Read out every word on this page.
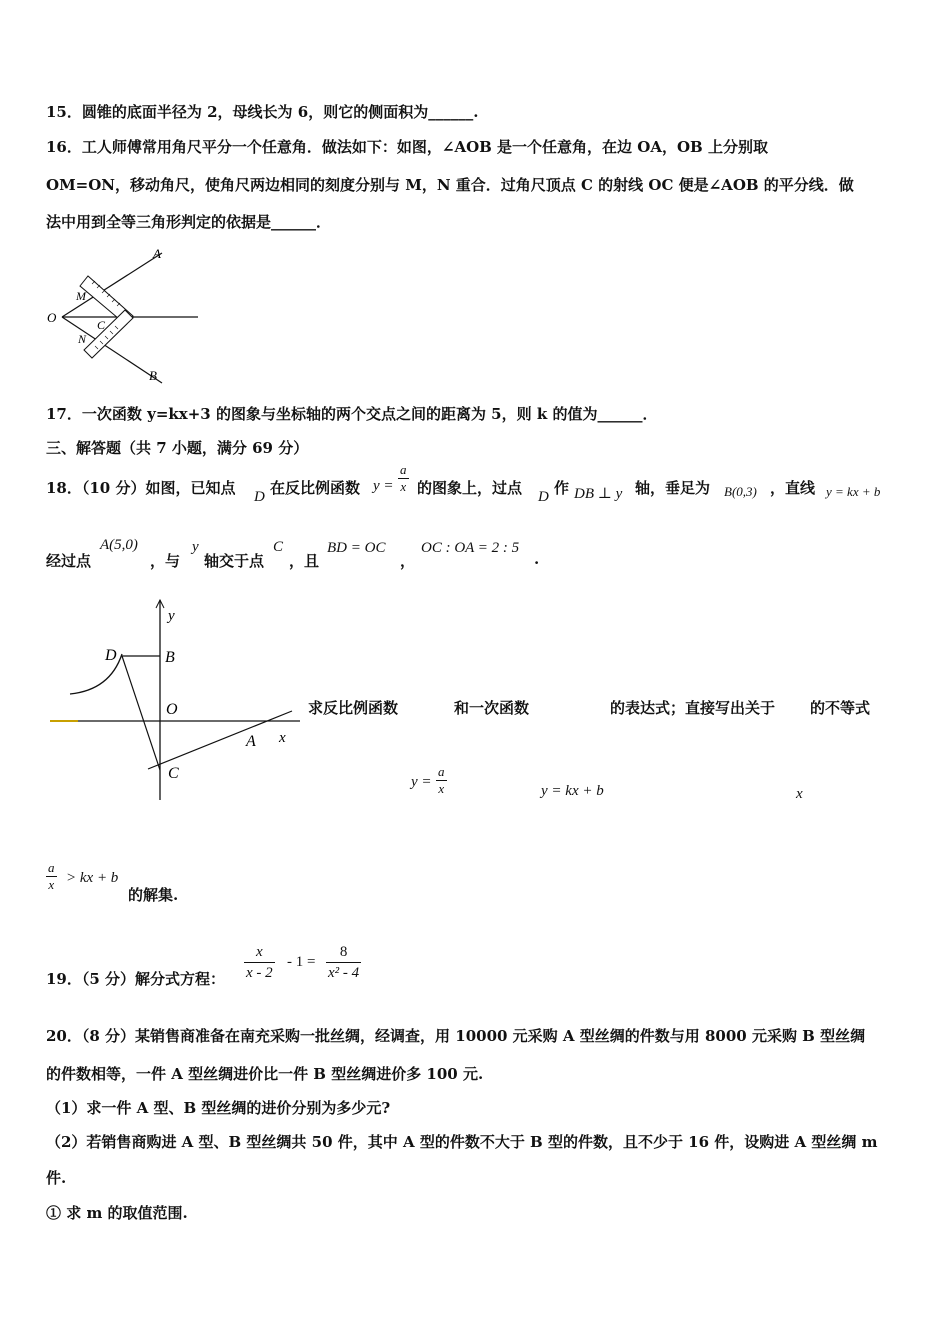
15．圆锥的底面半径为 2，母线长为 6，则它的侧面积为______.
16．工人师傅常用角尺平分一个任意角．做法如下：如图，∠AOB 是一个任意角，在边 OA，OB 上分别取
OM=ON，移动角尺，使角尺两边相同的刻度分别与 M，N 重合．过角尺顶点 C 的射线 OC 便是∠AOB 的平分线．做
法中用到全等三角形判定的依据是______．
A
B
O
M
N
C
17．一次函数 y=kx+3 的图象与坐标轴的两个交点之间的距离为 5，则 k 的值为______．
三、解答题（共 7 小题，满分 69 分）
18．（10 分）如图，已知点 D 在反比例函数 $y = \frac{a}{x}$ 的图象上，过点 D 作 DB ⊥ y 轴，垂足为 B(0,3) ，直线 y = kx + b
经过点
A(5,0)
，与
y
轴交于点
C
，且
BD = OC
，
OC : OA = 2 : 5
.
y
x
D	B
O
A
C
求反比例函数	和一次函数	的表达式；直接写出关于 的不等式
$y = \frac{a}{x}$	y = kx + b	x
$\frac{a}{x}$ > kx + b
的解集.
19．（5 分）解分式方程： $\frac{x}{x - 2} - 1 = \frac{8}{\text{x² - 4}}$
20．（8 分）某销售商准备在南充采购一批丝绸，经调查，用 10000 元采购 A 型丝绸的件数与用 8000 元采购 B 型丝绸
的件数相等，一件 A 型丝绸进价比一件 B 型丝绸进价多 100 元.
（1）求一件 A 型、B 型丝绸的进价分别为多少元?
（2）若销售商购进 A 型、B 型丝绸共 50 件，其中 A 型的件数不大于 B 型的件数，且不少于 16 件，设购进 A 型丝绸 m
件.
① 求 m 的取值范围.
